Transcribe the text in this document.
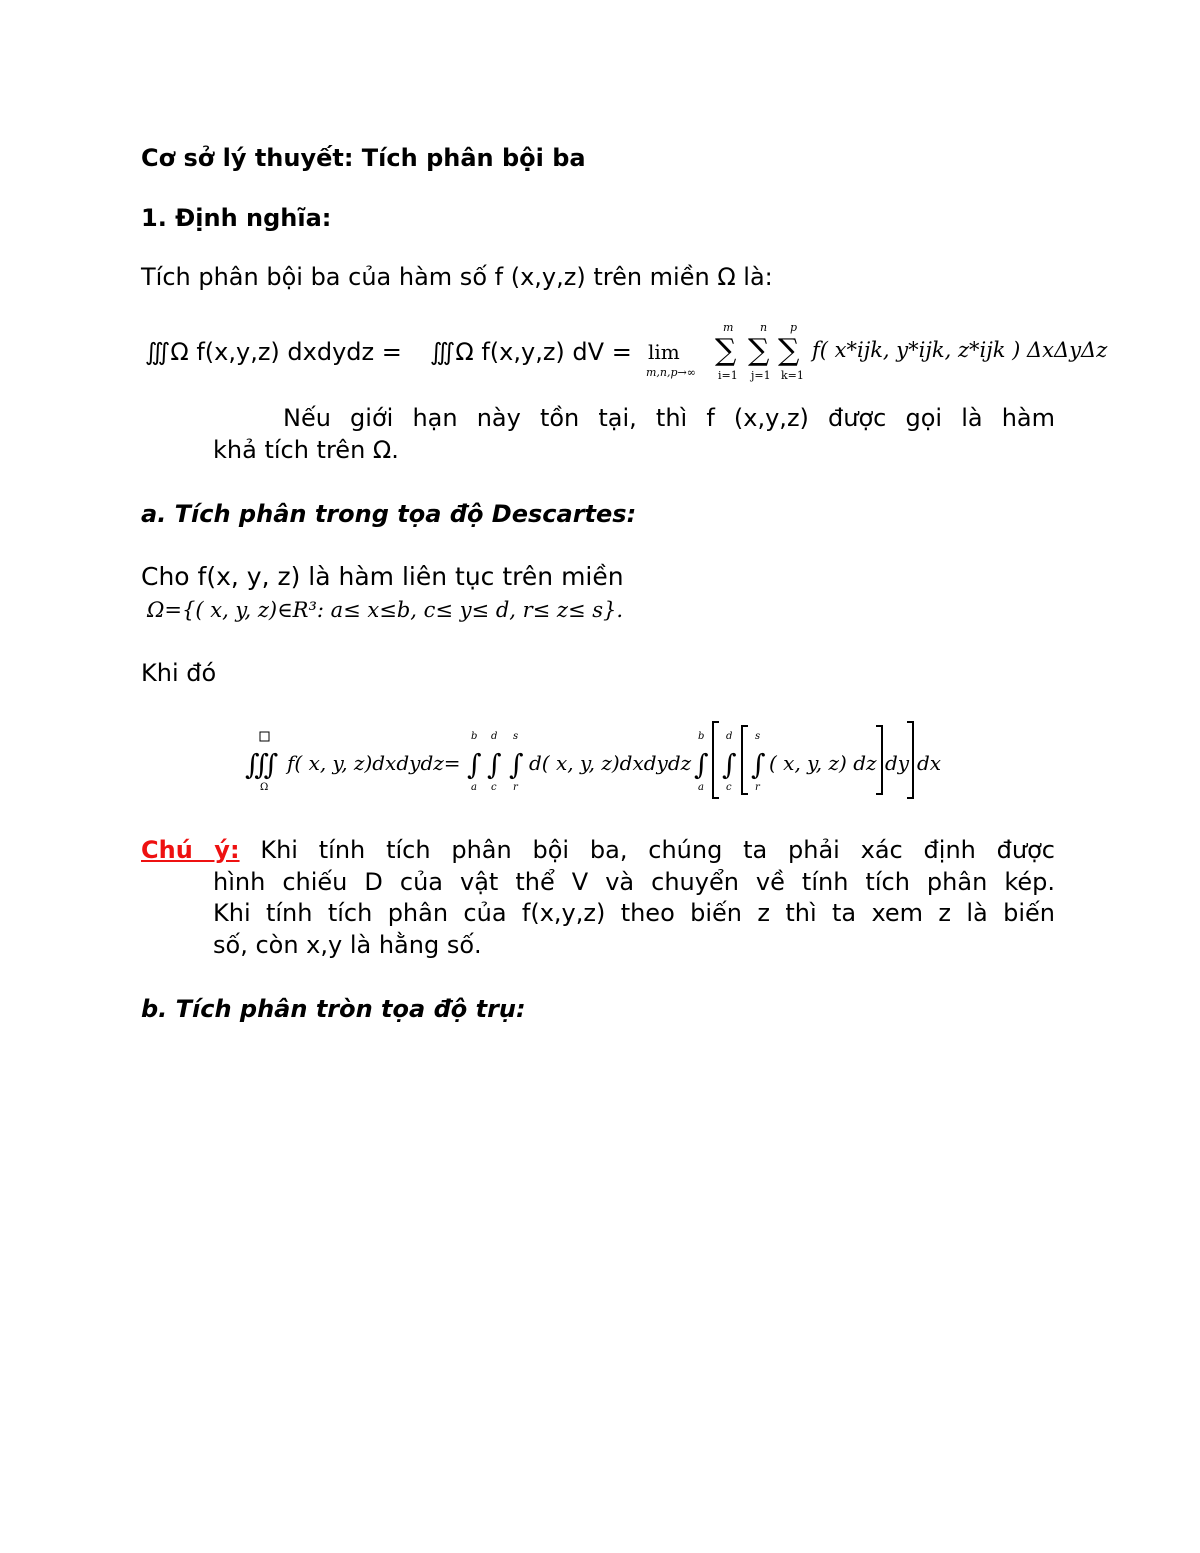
Cơ sở lý thuyết: Tích phân bội ba
1. Định nghĩa:
Tích phân bội ba của hàm số f (x,y,z) trên miền Ω là:
∭Ω f(x,y,z) dxdydz = ∭Ω f(x,y,z) dV = lim
m,n,p→∞
m n p
∑ ∑ ∑
i=1 j=1 k=1
f( x*ijk, y*ijk, z*ijk ) ΔxΔyΔz
Nếu giới hạn này tồn tại, thì f (x,y,z) được gọi là hàm
khả tích trên Ω.
a. Tích phân trong tọa độ Descartes:
Cho f(x, y, z) là hàm liên tục trên miền
Ω={( x, y, z)∈R³: a≤ x≤b, c≤ y≤ d, r≤ z≤ s}.
Khi đó
∭
Ω
f( x, y, z)dxdydz=
b
∫
a
d
∫
c
s
∫
r
d( x, y, z)dxdydz
b
∫
a
d
∫
c
s
∫
r
( x, y, z) dz dy dx
Chú ý: Khi tính tích phân bội ba, chúng ta phải xác định được
hình chiếu D của vật thể V và chuyển về tính tích phân kép.
Khi tính tích phân của f(x,y,z) theo biến z thì ta xem z là biến
số, còn x,y là hằng số.
b. Tích phân tròn tọa độ trụ:
